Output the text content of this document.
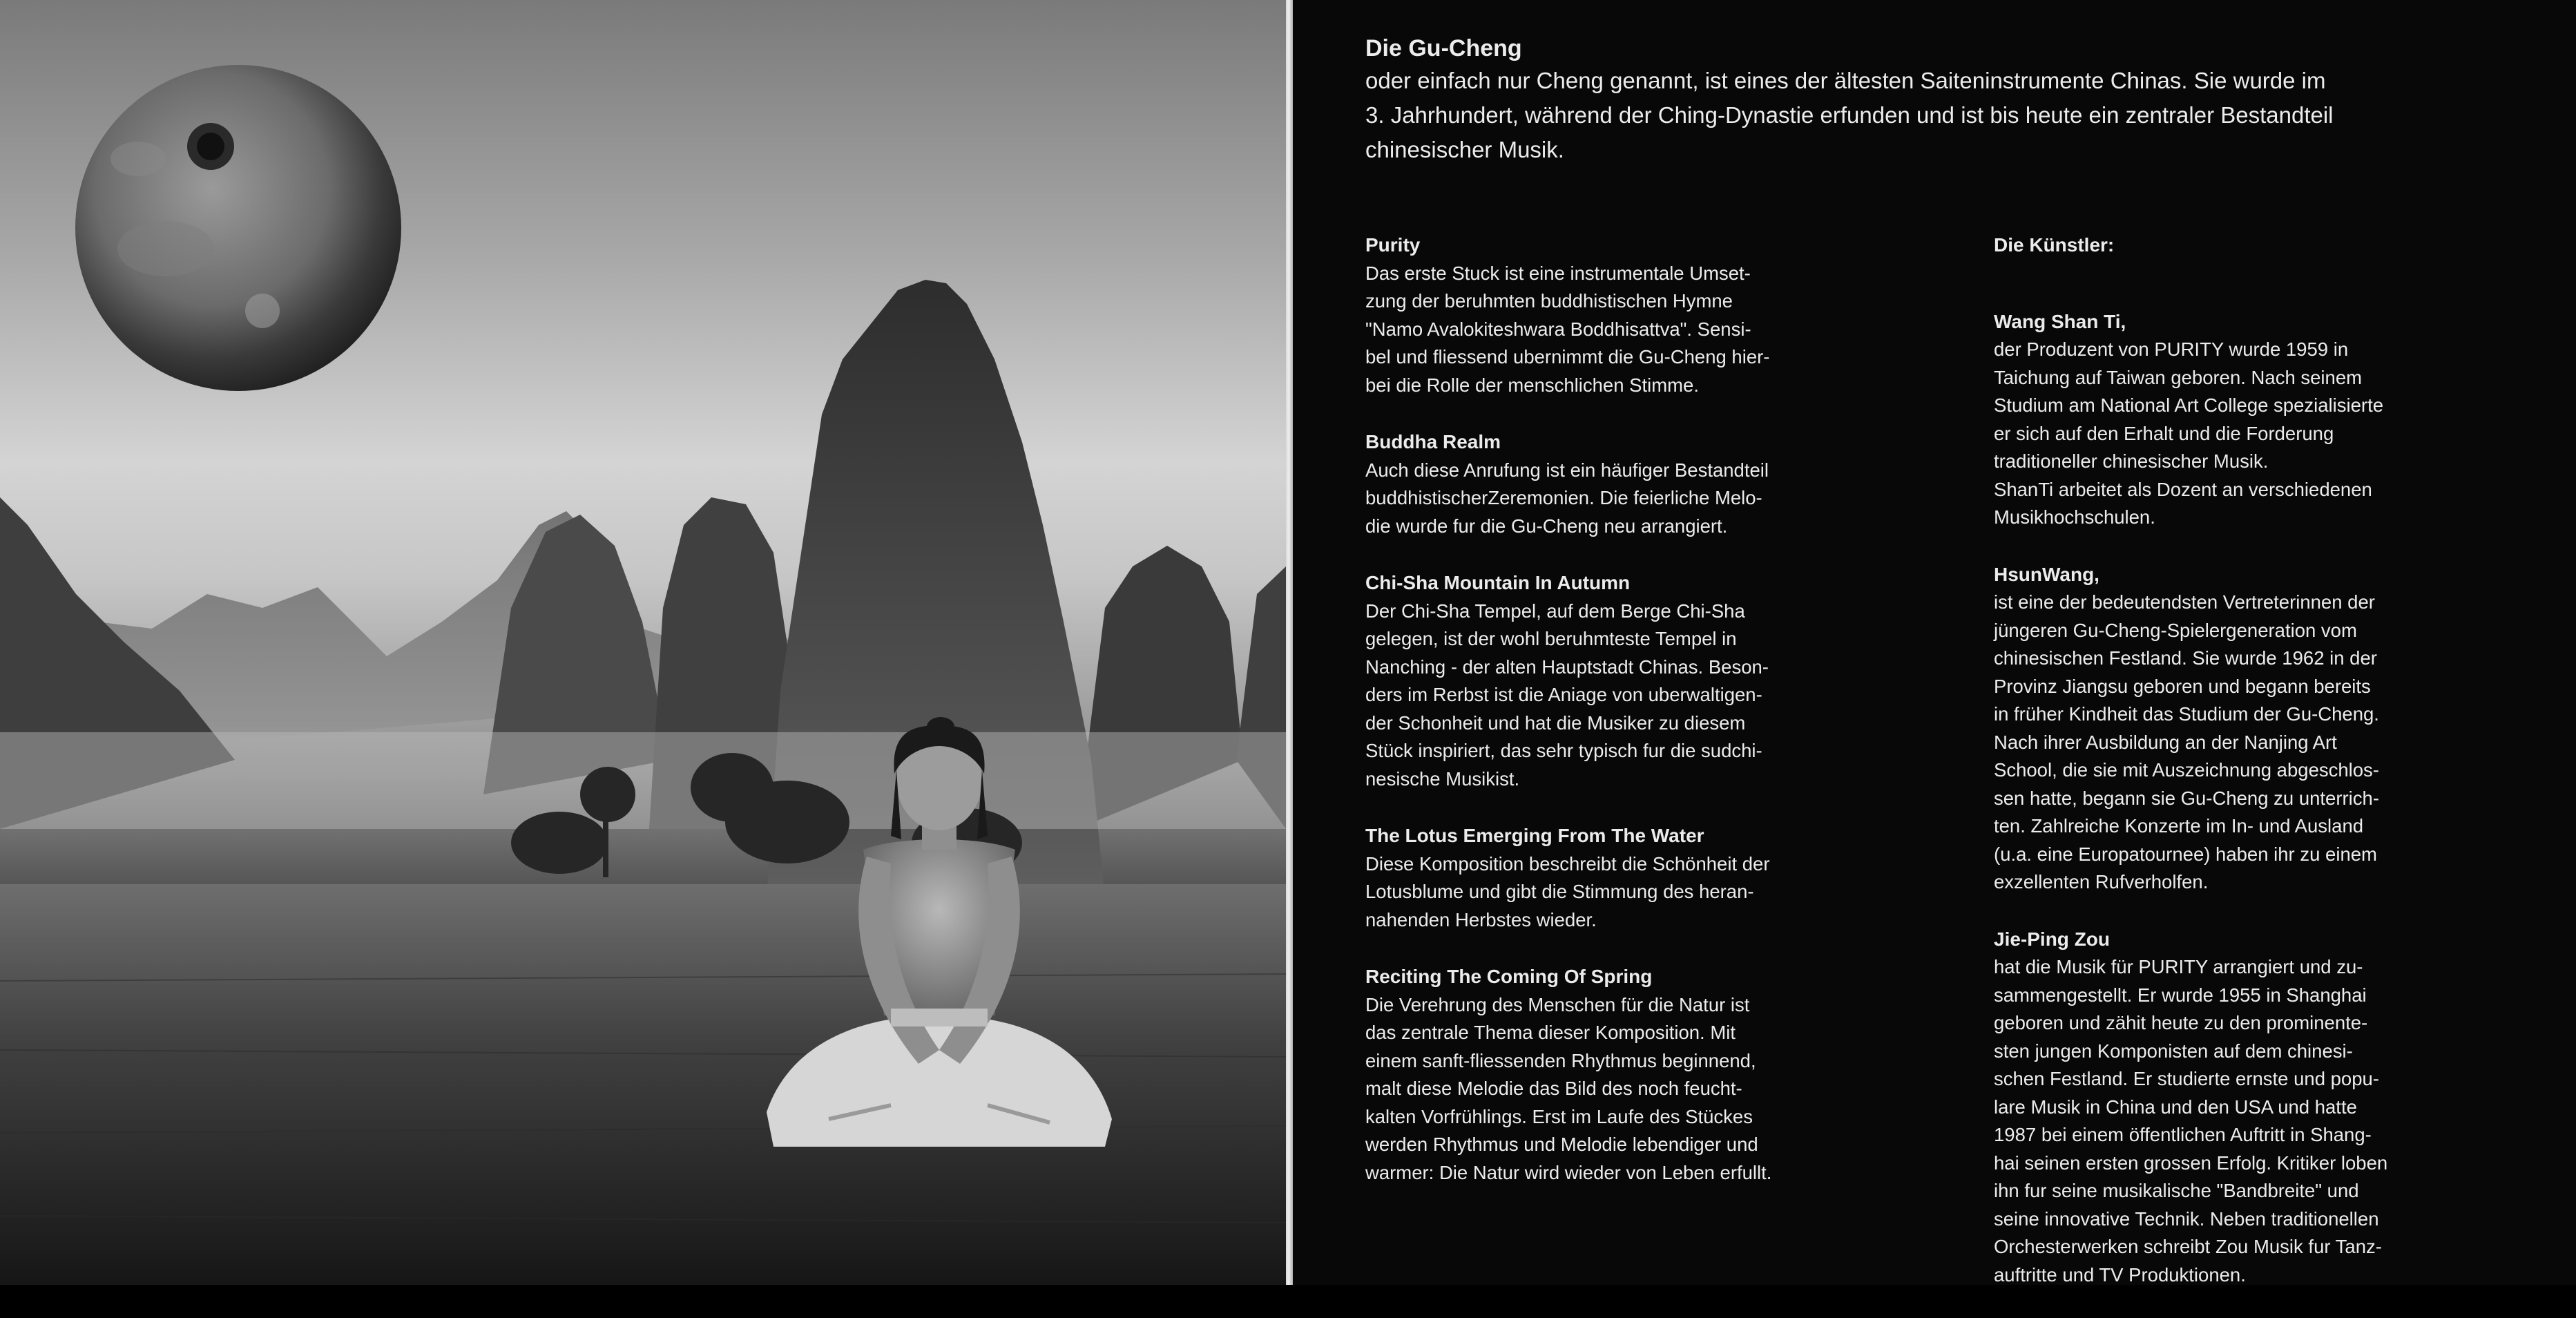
Die Gu-Cheng

oder einfach nur Cheng genannt, ist eines der ältesten Saiteninstrumente Chinas. Sie wurde im
3. Jahrhundert, während der Ching-Dynastie erfunden und ist bis heute ein zentraler Bestandteil
chinesischer Musik.

Purity

Das erste Stuck ist eine instrumentale Umset-
zung der beruhmten buddhistischen Hymne
"Namo Avalokiteshwara Boddhisattva". Sensi-
bel und fliessend ubernimmt die Gu-Cheng hier-
bei die Rolle der menschlichen Stimme.

Buddha Realm

Auch diese Anrufung ist ein häufiger Bestandteil
buddhistischerZeremonien. Die feierliche Melo-
die wurde fur die Gu-Cheng neu arrangiert.

Chi-Sha Mountain In Autumn

Der Chi-Sha Tempel, auf dem Berge Chi-Sha
gelegen, ist der wohl beruhmteste Tempel in
Nanching - der alten Hauptstadt Chinas. Beson-
ders im Rerbst ist die Aniage von uberwaltigen-
der Schonheit und hat die Musiker zu diesem
Stück inspiriert, das sehr typisch fur die sudchi-
nesische Musikist.

The Lotus Emerging From The Water

Diese Komposition beschreibt die Schönheit der
Lotusblume und gibt die Stimmung des heran-
nahenden Herbstes wieder.

Reciting The Coming Of Spring

Die Verehrung des Menschen für die Natur ist
das zentrale Thema dieser Komposition. Mit
einem sanft-fliessenden Rhythmus beginnend,
malt diese Melodie das Bild des noch feucht-
kalten Vorfrühlings. Erst im Laufe des Stückes
werden Rhythmus und Melodie lebendiger und
warmer: Die Natur wird wieder von Leben erfullt.

Die Künstler:
Wang Shan Ti,

der Produzent von PURITY wurde 1959 in
Taichung auf Taiwan geboren. Nach seinem
Studium am National Art College spezialisierte
er sich auf den Erhalt und die Forderung
traditioneller chinesischer Musik.
ShanTi arbeitet als Dozent an verschiedenen
Musikhochschulen.

HsunWang,

ist eine der bedeutendsten Vertreterinnen der
jüngeren Gu-Cheng-Spielergeneration vom
chinesischen Festland. Sie wurde 1962 in der
Provinz Jiangsu geboren und begann bereits
in früher Kindheit das Studium der Gu-Cheng.
Nach ihrer Ausbildung an der Nanjing Art
School, die sie mit Auszeichnung abgeschlos-
sen hatte, begann sie Gu-Cheng zu unterrich-
ten. Zahlreiche Konzerte im In- und Ausland
(u.a. eine Europatournee) haben ihr zu einem
exzellenten Rufverholfen.

Jie-Ping Zou

hat die Musik für PURITY arrangiert und zu-
sammengestellt. Er wurde 1955 in Shanghai
geboren und zähit heute zu den prominente-
sten jungen Komponisten auf dem chinesi-
schen Festland. Er studierte ernste und popu-
lare Musik in China und den USA und hatte
1987 bei einem öffentlichen Auftritt in Shang-
hai seinen ersten grossen Erfolg. Kritiker loben
ihn fur seine musikalische "Bandbreite" und
seine innovative Technik. Neben traditionellen
Orchesterwerken schreibt Zou Musik fur Tanz-
auftritte und TV Produktionen.
